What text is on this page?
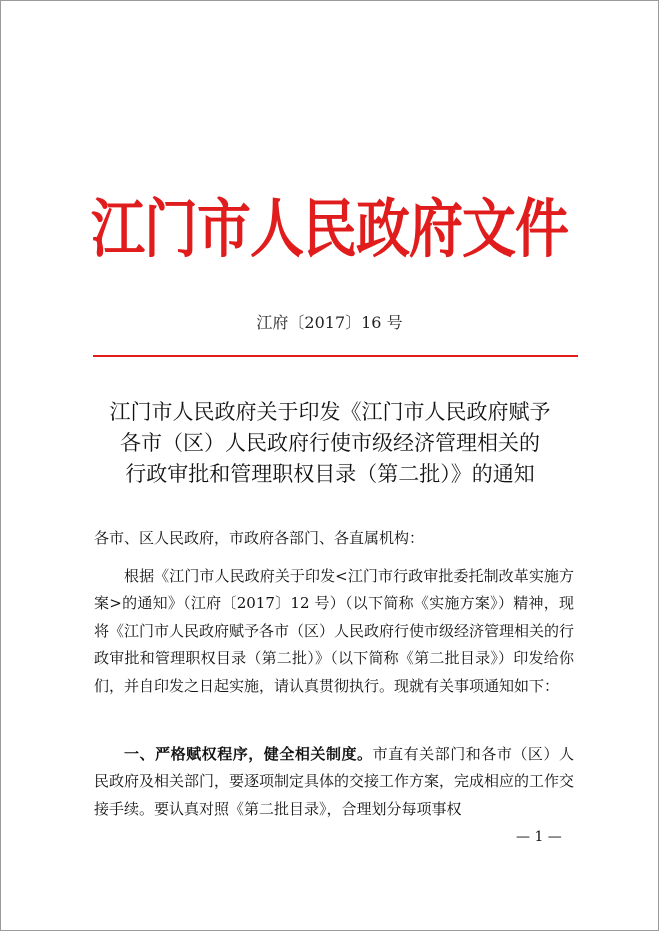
江门市人民政府文件
江府〔2017〕16 号
江门市人民政府关于印发《江门市人民政府赋予
各市（区）人民政府行使市级经济管理相关的
行政审批和管理职权目录（第二批）》的通知
各市、区人民政府，市政府各部门、各直属机构：
根据《江门市人民政府关于印发<江门市行政审批委托制改革实施方案>的通知》（江府〔2017〕12 号）（以下简称《实施方案》）精神，现将《江门市人民政府赋予各市（区）人民政府行使市级经济管理相关的行政审批和管理职权目录（第二批）》（以下简称《第二批目录》）印发给你们，并自印发之日起实施，请认真贯彻执行。现就有关事项通知如下：
一、严格赋权程序，健全相关制度。市直有关部门和各市（区）人民政府及相关部门，要逐项制定具体的交接工作方案，完成相应的工作交接手续。要认真对照《第二批目录》，合理划分每项事权
— 1 —
